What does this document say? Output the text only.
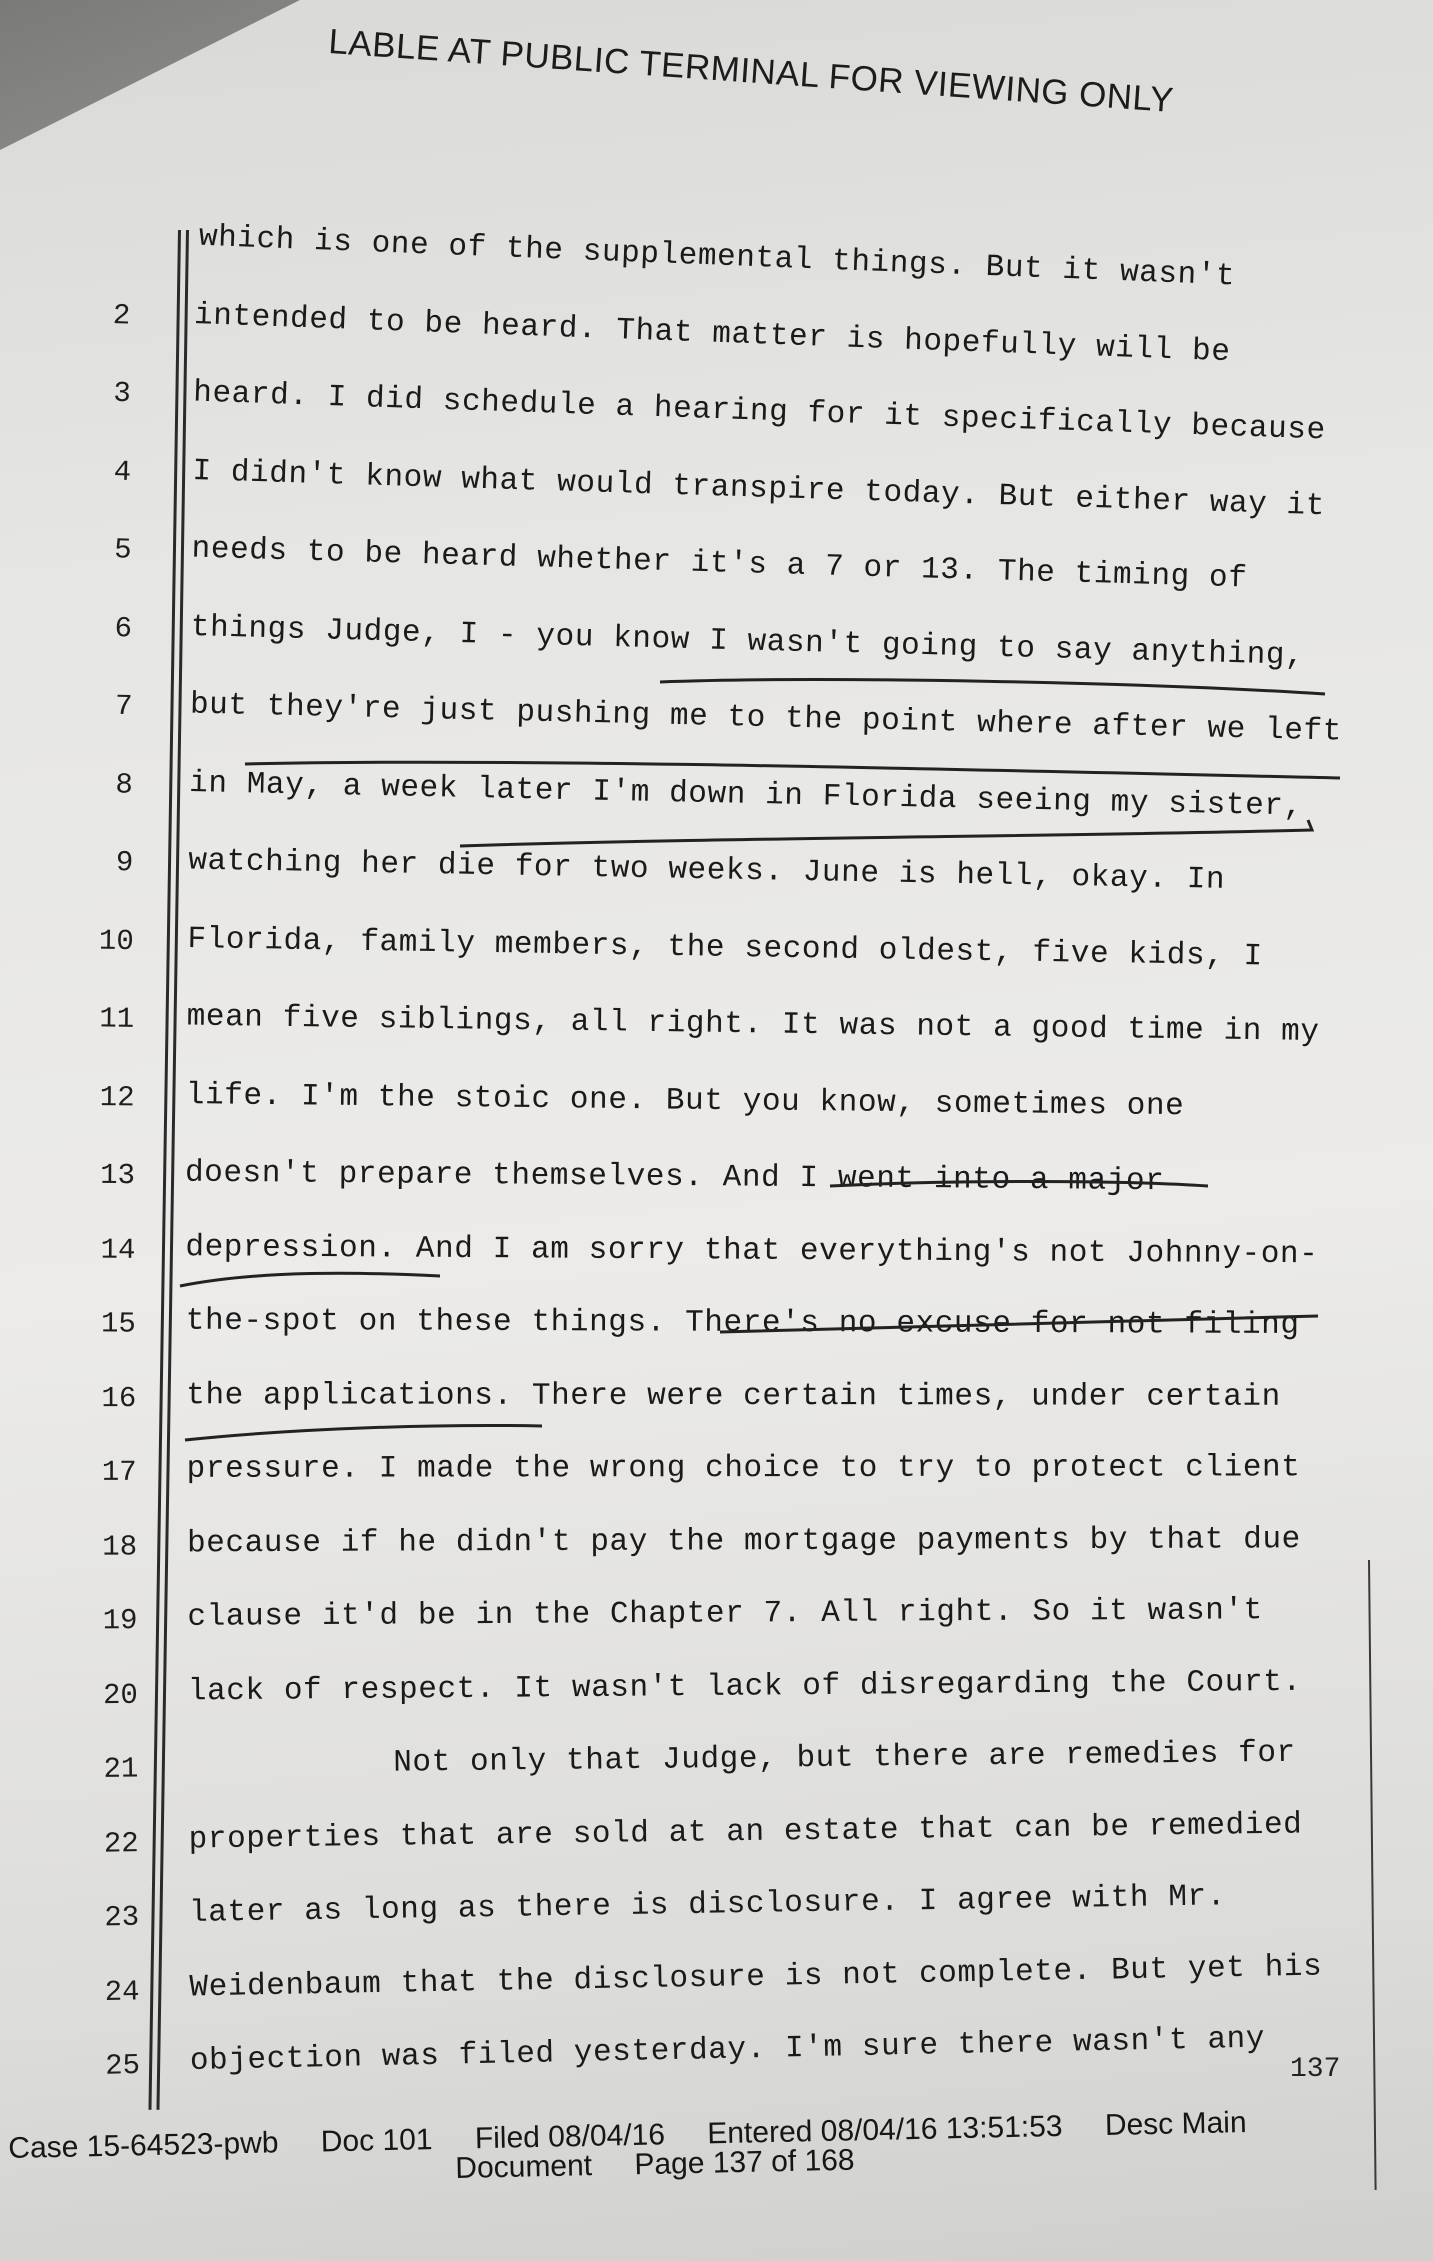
LABLE AT PUBLIC TERMINAL FOR VIEWING ONLY
which is one of the supplemental things. But it wasn't
2 intended to be heard. That matter is hopefully will be
3 heard. I did schedule a hearing for it specifically because
4 I didn't know what would transpire today. But either way it
5 needs to be heard whether it's a 7 or 13. The timing of
6 things Judge, I - you know I wasn't going to say anything,
7 but they're just pushing me to the point where after we left
8 in May, a week later I'm down in Florida seeing my sister,
9 watching her die for two weeks. June is hell, okay. In
10 Florida, family members, the second oldest, five kids, I
11 mean five siblings, all right. It was not a good time in my
12 life. I'm the stoic one. But you know, sometimes one
13 doesn't prepare themselves. And I went into a major
14 depression. And I am sorry that everything's not Johnny-on-
15 the-spot on these things. There's no excuse for not filing
16 the applications. There were certain times, under certain
17 pressure. I made the wrong choice to try to protect client
18 because if he didn't pay the mortgage payments by that due
19 clause it'd be in the Chapter 7. All right. So it wasn't
20 lack of respect. It wasn't lack of disregarding the Court.
21	Not only that Judge, but there are remedies for
22 properties that are sold at an estate that can be remedied
23 later as long as there is disclosure. I agree with Mr.
24 Weidenbaum that the disclosure is not complete. But yet his
25 objection was filed yesterday. I'm sure there wasn't any 137
Case 15-64523-pwb Doc 101 Filed 08/04/16 Entered 08/04/16 13:51:53 Desc Main
Document Page 137 of 168
